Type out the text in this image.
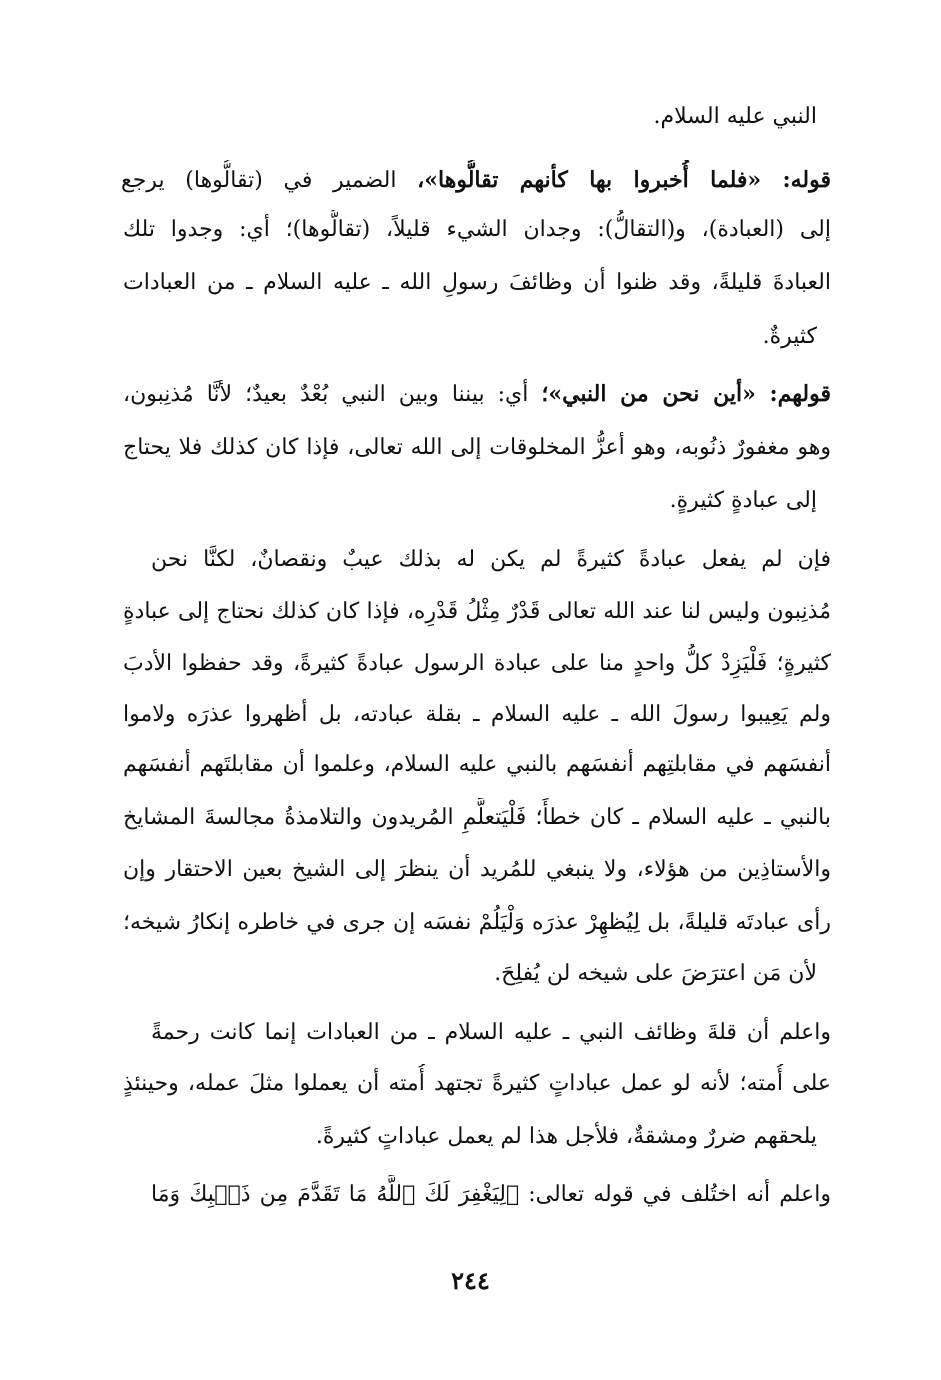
النبي عليه السلام.
قوله: «فلما أُخبروا بها كأنهم تقالُّوها»، الضمير في (تقالُّوها) يرجع
إلى (العبادة)، و(التقالُّ): وجدان الشيء قليلاً، (تقالُّوها)؛ أي: وجدوا تلك
العبادةَ قليلةً، وقد ظنوا أن وظائفَ رسولِ الله ـ عليه السلام ـ من العبادات
كثيرةٌ.
قولهم: «أين نحن من النبي»؛ أي: بيننا وبين النبي بُعْدٌ بعيدٌ؛ لأنَّا مُذنِبون،
وهو مغفورٌ ذنُوبه، وهو أعزُّ المخلوقات إلى الله تعالى، فإذا كان كذلك فلا يحتاج
إلى عبادةٍ كثيرةٍ.
فإن لم يفعل عبادةً كثيرةً لم يكن له بذلك عيبٌ ونقصانٌ، لكنَّا نحن
مُذنِبون وليس لنا عند الله تعالى قَدْرٌ مِثْلُ قَدْرِه، فإذا كان كذلك نحتاج إلى عبادةٍ
كثيرةٍ؛ فَلْيَزِدْ كلُّ واحدٍ منا على عبادة الرسول عبادةً كثيرةً، وقد حفظوا الأدبَ
ولم يَعِيبوا رسولَ الله ـ عليه السلام ـ بقلة عبادته، بل أظهروا عذرَه ولاموا
أنفسَهم في مقابلتِهم أنفسَهم بالنبي عليه السلام، وعلموا أن مقابلتَهم أنفسَهم
بالنبي ـ عليه السلام ـ كان خطأً؛ فَلْيَتعلَّمِ المُريدون والتلامذةُ مجالسةَ المشايخ
والأستاذِين من هؤلاء، ولا ينبغي للمُريد أن ينظرَ إلى الشيخ بعين الاحتقار وإن
رأى عبادتَه قليلةً، بل لِيُظهِرْ عذرَه وَلْيَلُمْ نفسَه إن جرى في خاطره إنكارُ شيخه؛
لأن مَن اعترَضَ على شيخه لن يُفلِحَ.
واعلم أن قلةَ وظائف النبي ـ عليه السلام ـ من العبادات إنما كانت رحمةً
على أُمته؛ لأنه لو عمل عباداتٍ كثيرةً تجتهد أُمته أن يعملوا مثلَ عمله، وحينئذٍ
يلحقهم ضررٌ ومشقةٌ، فلأجل هذا لم يعمل عباداتٍ كثيرةً.
واعلم أنه اختُلف في قوله تعالى: ﴿لِيَغْفِرَ لَكَ ٱللَّهُ مَا تَقَدَّمَ مِن ذَنۢبِكَ وَمَا
٢٤٤
